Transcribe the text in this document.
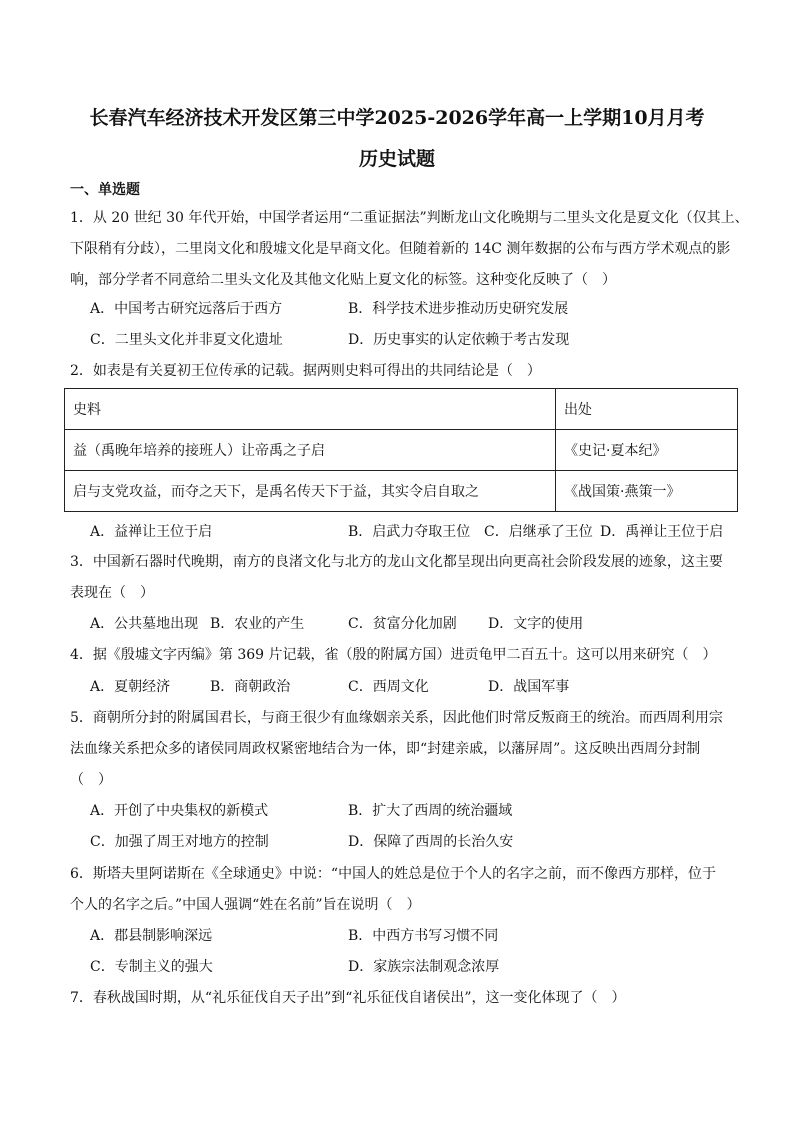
长春汽车经济技术开发区第三中学2025-2026学年高一上学期10月月考
历史试题
一、单选题
1．从 20 世纪 30 年代开始，中国学者运用“二重证据法”判断龙山文化晚期与二里头文化是夏文化（仅其上、
下限稍有分歧），二里岗文化和殷墟文化是早商文化。但随着新的 14C 测年数据的公布与西方学术观点的影
响，部分学者不同意给二里头文化及其他文化贴上夏文化的标签。这种变化反映了（　）
A．中国考古研究远落后于西方	B．科学技术进步推动历史研究发展
C．二里头文化并非夏文化遗址	D．历史事实的认定依赖于考古发现
2．如表是有关夏初王位传承的记载。据两则史料可得出的共同结论是（　）
史料	出处
益（禹晚年培养的接班人）让帝禹之子启	《史记·夏本纪》
启与支党攻益，而夺之天下，是禹名传天下于益，其实令启自取之	《战国策·燕策一》
A．益禅让王位于启	B．启武力夺取王位 C．启继承了王位 D．禹禅让王位于启
3．中国新石器时代晚期，南方的良渚文化与北方的龙山文化都呈现出向更高社会阶段发展的迹象，这主要
表现在（　）
A．公共墓地出现 B．农业的产生	C．贫富分化加剧 D．文字的使用
4．据《殷墟文字丙编》第 369 片记载，雀（殷的附属方国）进贡龟甲二百五十。这可以用来研究（　）
A．夏朝经济	B．商朝政治	C．西周文化	D．战国军事
5．商朝所分封的附属国君长，与商王很少有血缘姻亲关系，因此他们时常反叛商王的统治。而西周利用宗
法血缘关系把众多的诸侯同周政权紧密地结合为一体，即“封建亲戚，以藩屏周”。这反映出西周分封制
（　）
A．开创了中央集权的新模式	B．扩大了西周的统治疆域
C．加强了周王对地方的控制	D．保障了西周的长治久安
6．斯塔夫里阿诺斯在《全球通史》中说：“中国人的姓总是位于个人的名字之前，而不像西方那样，位于
个人的名字之后。”中国人强调“姓在名前”旨在说明（　）
A．郡县制影响深远	B．中西方书写习惯不同
C．专制主义的强大	D．家族宗法制观念浓厚
7．春秋战国时期，从“礼乐征伐自天子出”到“礼乐征伐自诸侯出”，这一变化体现了（　）
